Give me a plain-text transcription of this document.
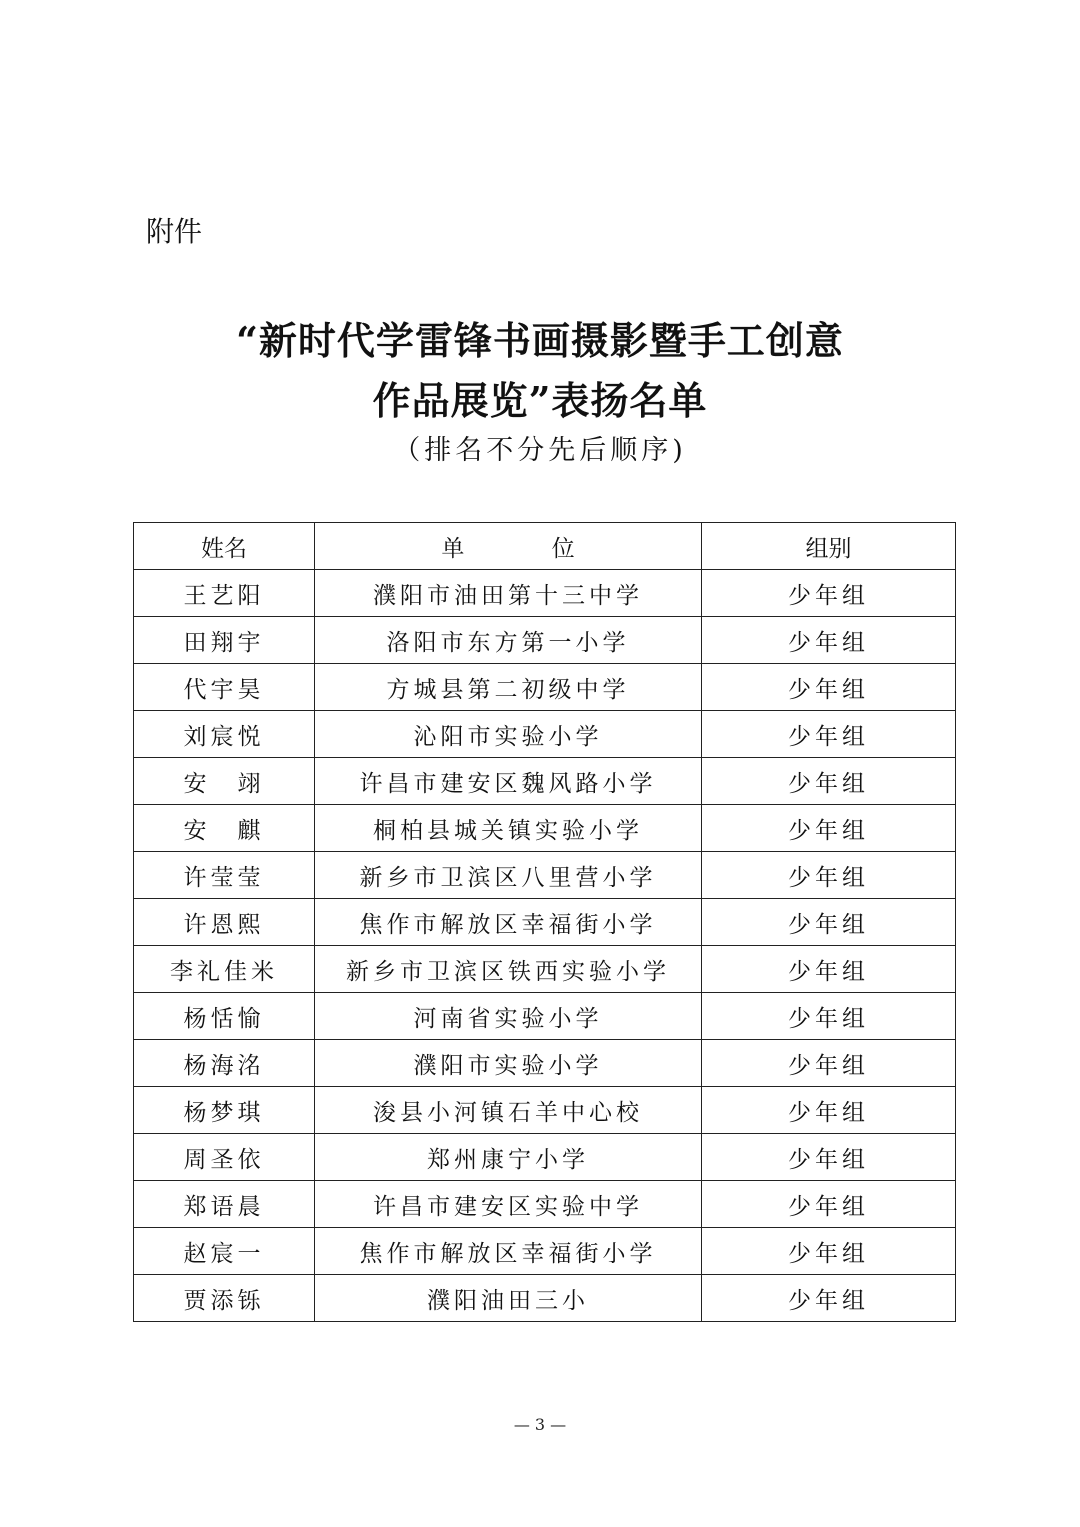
附件
“新时代学雷锋书画摄影暨手工创意
作品展览”表扬名单
（排名不分先后顺序)
姓名	单 位	组别
王艺阳	濮阳市油田第十三中学	少年组
田翔宇	洛阳市东方第一小学	少年组
代宇昊	方城县第二初级中学	少年组
刘宸悦	沁阳市实验小学	少年组
安　翊	许昌市建安区魏风路小学	少年组
安　麒	桐柏县城关镇实验小学	少年组
许莹莹	新乡市卫滨区八里营小学	少年组
许恩熙	焦作市解放区幸福街小学	少年组
李礼佳米	新乡市卫滨区铁西实验小学	少年组
杨恬愉	河南省实验小学	少年组
杨海洺	濮阳市实验小学	少年组
杨梦琪	浚县小河镇石羊中心校	少年组
周圣依	郑州康宁小学	少年组
郑语晨	许昌市建安区实验中学	少年组
赵宸一	焦作市解放区幸福街小学	少年组
贾添铄	濮阳油田三小	少年组
— 3 —
